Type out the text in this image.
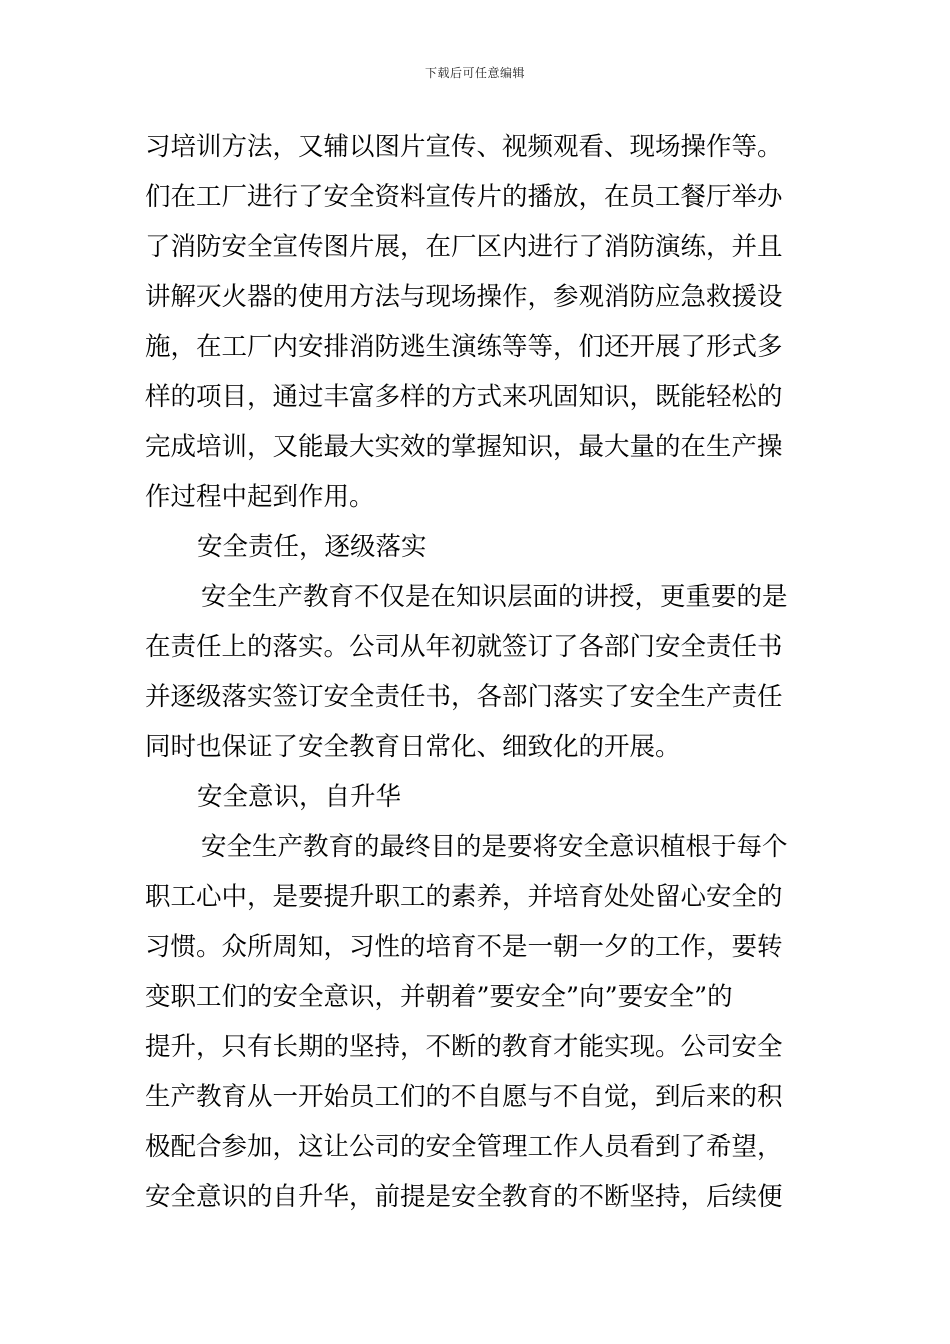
下载后可任意编辑
习培训方法，又辅以图片宣传、视频观看、现场操作等。
们在工厂进行了安全资料宣传片的播放，在员工餐厅举办
了消防安全宣传图片展，在厂区内进行了消防演练，并且
讲解灭火器的使用方法与现场操作，参观消防应急救援设
施，在工厂内安排消防逃生演练等等，们还开展了形式多
样的项目，通过丰富多样的方式来巩固知识，既能轻松的
完成培训，又能最大实效的掌握知识，最大量的在生产操
作过程中起到作用。
安全责任，逐级落实
安全生产教育不仅是在知识层面的讲授，更重要的是
在责任上的落实。公司从年初就签订了各部门安全责任书
并逐级落实签订安全责任书，各部门落实了安全生产责任
同时也保证了安全教育日常化、细致化的开展。
安全意识，自升华
安全生产教育的最终目的是要将安全意识植根于每个
职工心中，是要提升职工的素养，并培育处处留心安全的
习惯。众所周知，习性的培育不是一朝一夕的工作，要转
变职工们的安全意识，并朝着”要安全”向”要安全”的
提升，只有长期的坚持，不断的教育才能实现。公司安全
生产教育从一开始员工们的不自愿与不自觉，到后来的积
极配合参加，这让公司的安全管理工作人员看到了希望，
安全意识的自升华，前提是安全教育的不断坚持，后续便
